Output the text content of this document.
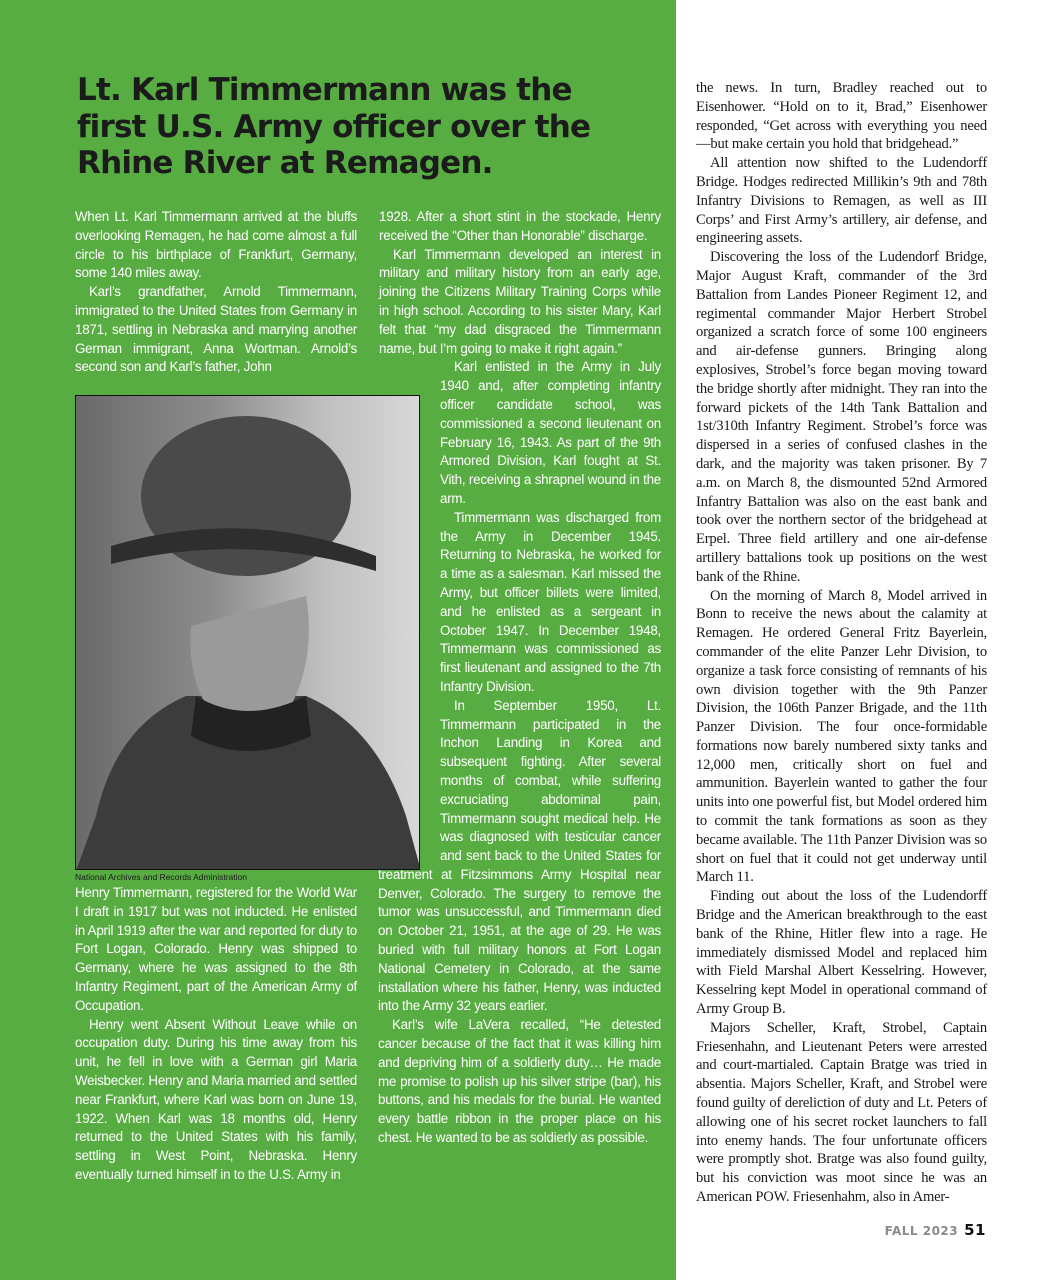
Lt. Karl Timmermann was the first U.S. Army officer over the Rhine River at Remagen.

When Lt. Karl Timmermann arrived at the bluffs overlooking Remagen, he had come almost a full circle to his birthplace of Frankfurt, Germany, some 140 miles away.

Karl’s grandfather, Arnold Timmermann, immigrated to the United States from Germany in 1871, settling in Nebraska and marrying another German immigrant, Anna Wortman. Arnold’s second son and Karl’s father, John

National Archives and Records Administration

Henry Timmermann, registered for the World War I draft in 1917 but was not inducted. He enlisted in April 1919 after the war and reported for duty to Fort Logan, Colorado. Henry was shipped to Germany, where he was assigned to the 8th Infantry Regiment, part of the American Army of Occupation.

Henry went Absent Without Leave while on occupation duty. During his time away from his unit, he fell in love with a German girl Maria Weisbecker. Henry and Maria married and settled near Frankfurt, where Karl was born on June 19, 1922. When Karl was 18 months old, Henry returned to the United States with his family, settling in West Point, Nebraska. Henry eventually turned himself in to the U.S. Army in

1928. After a short stint in the stockade, Henry received the “Other than Honorable” discharge.

Karl Timmermann developed an interest in military and military history from an early age, joining the Citizens Military Training Corps while in high school. According to his sister Mary, Karl felt that “my dad disgraced the Timmermann name, but I’m going to make it right again.”

Karl enlisted in the Army in July 1940 and, after completing infantry officer candidate school, was commissioned a second lieutenant on February 16, 1943. As part of the 9th Armored Division, Karl fought at St. Vith, receiving a shrapnel wound in the arm.

Timmermann was discharged from the Army in December 1945. Returning to Nebraska, he worked for a time as a salesman. Karl missed the Army, but officer billets were limited, and he enlisted as a sergeant in October 1947. In December 1948, Timmermann was commissioned as first lieutenant and assigned to the 7th Infantry Division.

In September 1950, Lt. Timmermann participated in the Inchon Landing in Korea and subsequent fighting. After several months of combat, while suffering excruciating abdominal pain, Timmermann sought medical help. He was diagnosed with testicular cancer and sent back to the United States for treatment at Fitzsimmons Army Hospital near Denver, Colorado. The surgery to remove the tumor was unsuccessful, and Timmermann died on October 21, 1951, at the age of 29. He was buried with full military honors at Fort Logan National Cemetery in Colorado, at the same installation where his father, Henry, was inducted into the Army 32 years earlier.

Karl’s wife LaVera recalled, “He detested cancer because of the fact that it was killing him and depriving him of a soldierly duty… He made me promise to polish up his silver stripe (bar), his buttons, and his medals for the burial. He wanted every battle ribbon in the proper place on his chest. He wanted to be as soldierly as possible.

the news. In turn, Bradley reached out to Eisenhower. “Hold on to it, Brad,” Eisenhower responded, “Get across with everything you need —but make certain you hold that bridgehead.”

All attention now shifted to the Ludendorff Bridge. Hodges redirected Millikin’s 9th and 78th Infantry Divisions to Remagen, as well as III Corps’ and First Army’s artillery, air defense, and engineering assets.

Discovering the loss of the Ludendorf Bridge, Major August Kraft, commander of the 3rd Battalion from Landes Pioneer Regiment 12, and regimental commander Major Herbert Strobel organized a scratch force of some 100 engineers and air-defense gunners. Bringing along explosives, Strobel’s force began moving toward the bridge shortly after midnight. They ran into the forward pickets of the 14th Tank Battalion and 1st/310th Infantry Regiment. Strobel’s force was dispersed in a series of confused clashes in the dark, and the majority was taken prisoner. By 7 a.m. on March 8, the dismounted 52nd Armored Infantry Battalion was also on the east bank and took over the northern sector of the bridgehead at Erpel. Three field artillery and one air-defense artillery battalions took up positions on the west bank of the Rhine.

On the morning of March 8, Model arrived in Bonn to receive the news about the calamity at Remagen. He ordered General Fritz Bayerlein, commander of the elite Panzer Lehr Division, to organize a task force consisting of remnants of his own division together with the 9th Panzer Division, the 106th Panzer Brigade, and the 11th Panzer Division. The four once-formidable formations now barely numbered sixty tanks and 12,000 men, critically short on fuel and ammunition. Bayerlein wanted to gather the four units into one powerful fist, but Model ordered him to commit the tank formations as soon as they became available. The 11th Panzer Division was so short on fuel that it could not get underway until March 11.

Finding out about the loss of the Ludendorff Bridge and the American breakthrough to the east bank of the Rhine, Hitler flew into a rage. He immediately dismissed Model and replaced him with Field Marshal Albert Kesselring. However, Kesselring kept Model in operational command of Army Group B.

Majors Scheller, Kraft, Strobel, Captain Friesenhahn, and Lieutenant Peters were arrested and court-martialed. Captain Bratge was tried in absentia. Majors Scheller, Kraft, and Strobel were found guilty of dereliction of duty and Lt. Peters of allowing one of his secret rocket launchers to fall into enemy hands. The four unfortunate officers were promptly shot. Bratge was also found guilty, but his conviction was moot since he was an American POW. Friesenhahm, also in Amer-

FALL 2023 51
